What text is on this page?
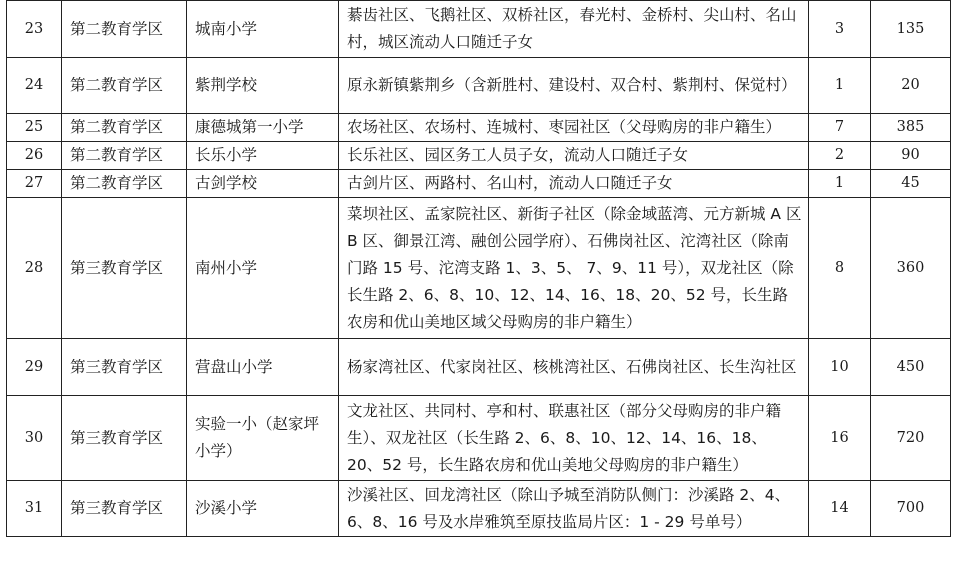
23	第二教育学区	城南小学	綦齿社区、飞鹅社区、双桥社区，春光村、金桥村、尖山村、名山村，城区流动人口随迁子女	3	135
24	第二教育学区	紫荆学校	原永新镇紫荆乡（含新胜村、建设村、双合村、紫荆村、保觉村）	1	20
25	第二教育学区	康德城第一小学	农场社区、农场村、连城村、枣园社区（父母购房的非户籍生）	7	385
26	第二教育学区	长乐小学	长乐社区、园区务工人员子女，流动人口随迁子女	2	90
27	第二教育学区	古剑学校	古剑片区、两路村、名山村，流动人口随迁子女	1	45
28	第三教育学区	南州小学	菜坝社区、孟家院社区、新街子社区（除金域蓝湾、元方新城 A 区 B 区、御景江湾、融创公园学府）、石佛岗社区、沱湾社区（除南门路 15 号、沱湾支路 1、3、5、 7、9、11 号），双龙社区（除长生路 2、6、8、10、12、14、16、18、20、52 号，长生路农房和优山美地区域父母购房的非户籍生）	8	360
29	第三教育学区	营盘山小学	杨家湾社区、代家岗社区、核桃湾社区、石佛岗社区、长生沟社区	10	450
30	第三教育学区	实验一小（赵家坪小学）	文龙社区、共同村、亭和村、联惠社区（部分父母购房的非户籍生）、双龙社区（长生路 2、6、8、10、12、14、16、18、20、52 号，长生路农房和优山美地父母购房的非户籍生）	16	720
31	第三教育学区	沙溪小学	沙溪社区、回龙湾社区（除山予城至消防队侧门：沙溪路 2、4、6、8、16 号及水岸雅筑至原技监局片区：1 - 29 号单号）	14	700
